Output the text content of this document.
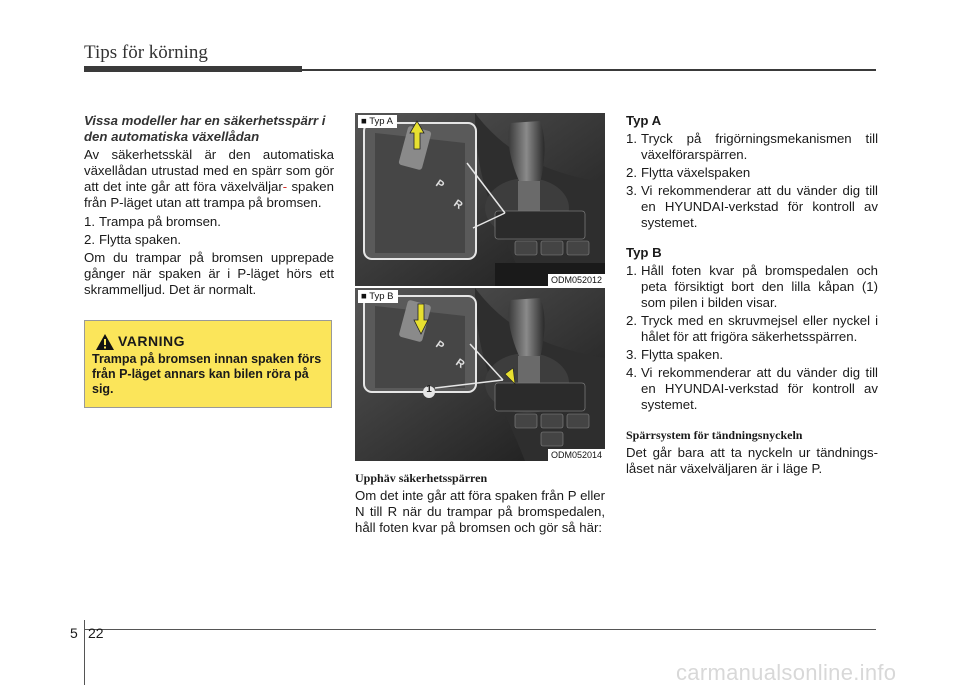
Tips för körning
Vissa modeller har en säkerhetsspärr i den automatiska växellådan

Av säkerhetsskäl är den automatiska växellådan utrustad med en spärr som gör att det inte går att föra växelväljar- spaken från P-läget utan att trampa på bromsen.

1. Trampa på bromsen.
2. Flytta spaken.

Om du trampar på bromsen upprepade gånger när spaken är i P-läget hörs ett skrammelljud. Det är normalt.

VARNING
Trampa på bromsen innan spaken förs från P-läget annars kan bilen röra på sig.
P
R
■ Typ A
ODM052012
P
R
■ Typ B
1
ODM052014
Upphäv säkerhetsspärren

Om det inte går att föra spaken från P eller N till R när du trampar på bromspedalen, håll foten kvar på bromsen och gör så här:

Typ A
1. Tryck på frigörningsmekanismen till växelförarspärren.
2. Flytta växelspaken
3. Vi rekommenderar att du vänder dig till en HYUNDAI-verkstad för kontroll av systemet.
Typ B
1. Håll foten kvar på bromspedalen och peta försiktigt bort den lilla kåpan (1) som pilen i bilden visar.
2. Tryck med en skruvmejsel eller nyckel i hålet för att frigöra säkerhetsspärren.
3. Flytta spaken.
4. Vi rekommenderar att du vänder dig till en HYUNDAI-verkstad för kontroll av systemet.
Spärrsystem för tändningsnyckeln

Det går bara att ta nyckeln ur tändnings-låset när växelväljaren är i läge P.

5 22
carmanualsonline.info
